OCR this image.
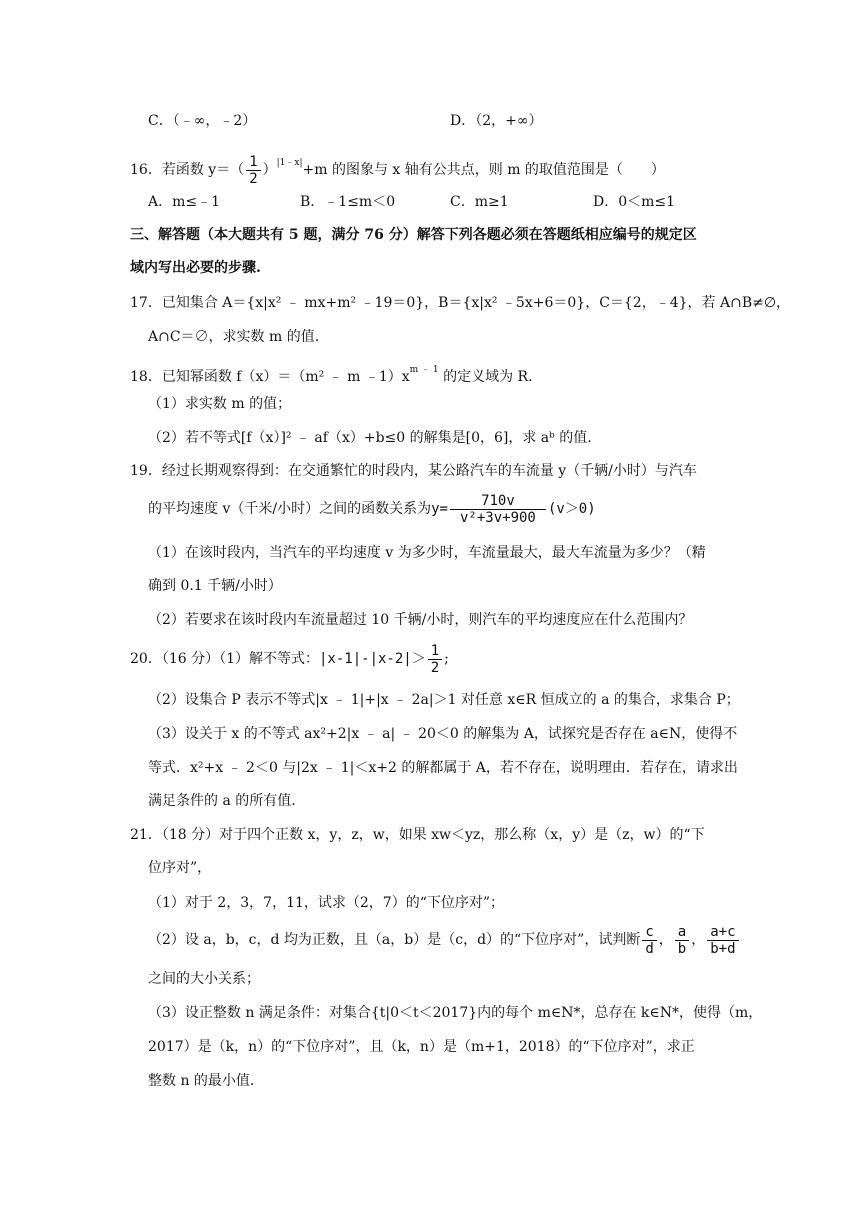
C．（﹣∞，﹣2）	D．（2，+∞）
16．若函数 $y=( \frac{1}{2} )^{|1﹣x|}+m$ 的图象与 x 轴有公共点，则 m 的取值范围是（　　）
A．m≤﹣1	B．﹣1≤m＜0	C．m≥1	D．0＜m≤1
三、解答题（本大题共有 5 题，满分 76 分）解答下列各题必须在答题纸相应编号的规定区
域内写出必要的步骤.
17．已知集合 A＝{x|x² ﹣ mx+m² ﹣19＝0}，B＝{x|x² ﹣5x+6＝0}，C＝{2，﹣4}，若 A∩B≠∅，
A∩C＝∅，求实数 m 的值.
18．已知幂函数 f（x）＝（m² ﹣ m $﹣1)x^{m ﹣ 1}$ 的定义域为 R.
（1）求实数 m 的值；
（2）若不等式[f（x）]² ﹣ af（x）+b≤0 的解集是[0，6]，求 aᵇ 的值.
19．经过长期观察得到：在交通繁忙的时段内，某公路汽车的车流量 y（千辆/小时）与汽车
的平均速度 v（千米/小时）之间的函数关系为$y= \frac{710v}{\text{v²+3v+900}} (v>0)$
（1）在该时段内，当汽车的平均速度 v 为多少时，车流量最大，最大车流量为多少？（精
确到 0.1 千辆/小时）
（2）若要求在该时段内车流量超过 10 千辆/小时，则汽车的平均速度应在什么范围内？
20．（16 分）（1）解不等式：$|x-1|-|x-2|> \frac{1}{2}$ ;
（2）设集合 P 表示不等式|x ﹣ 1|+|x ﹣ 2a|＞1 对任意 x∈R 恒成立的 a 的集合，求集合 P；
（3）设关于 x 的不等式 ax²+2|x ﹣ a| ﹣ 20＜0 的解集为 A，试探究是否存在 a∈N，使得不
等式．x²+x ﹣ 2＜0 与|2x ﹣ 1|＜x+2 的解都属于 A，若不存在，说明理由．若存在，请求出
满足条件的 a 的所有值.
21．（18 分）对于四个正数 x，y，z，w，如果 xw＜yz，那么称（x，y）是（z，w）的“下
位序对”，
（1）对于 2，3，7，11，试求（2，7）的“下位序对”；
（2）设 a，b，c，d 均为正数，且（a，b）是（c，d）的“下位序对”，试判断 $\frac{c}{d}$ ， $\frac{a}{b}$ ， $\frac{a+c}{b+d}$
之间的大小关系；
（3）设正整数 n 满足条件：对集合{t|0＜t＜2017}内的每个 m∈N*，总存在 k∈N*，使得（m，
2017）是（k，n）的“下位序对”，且（k，n）是（m+1，2018）的“下位序对”，求正
整数 n 的最小值.
